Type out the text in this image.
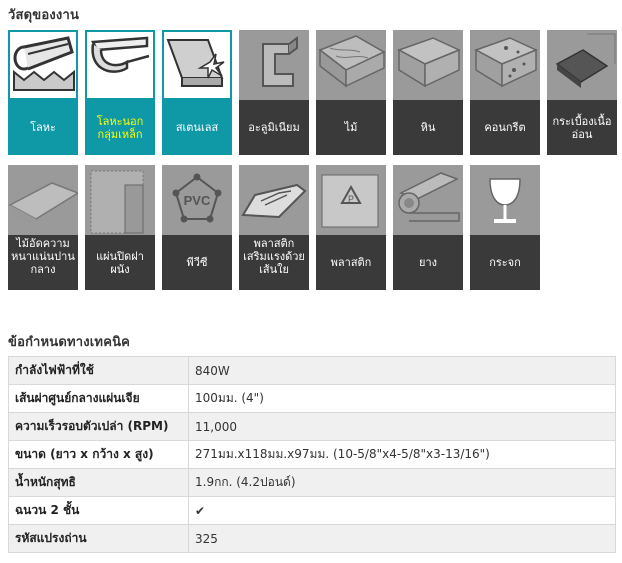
วัสดุของงาน
โลหะ	โลหะนอกกลุ่มเหล็ก	สเตนเลส	อะลูมิเนียม	ไม้	หิน	คอนกรีต	กระเบื้องเนื้ออ่อน
ไม้อัดความหนาแน่นปานกลาง
แผ่นปิดฝาผนัง
PVC
พีวีซี
พลาสติกเสริมแรงด้วยเส้นใย
P
พลาสติก	ยาง	กระจก
ข้อกำหนดทางเทคนิค
กำลังไฟฟ้าที่ใช้	840W
เส้นผ่าศูนย์กลางแผ่นเจีย	100มม. (4")
ความเร็วรอบตัวเปล่า (RPM)	11,000
ขนาด (ยาว x กว้าง x สูง)	271มม.x118มม.x97มม. (10-5/8"x4-5/8"x3-13/16")
น้ำหนักสุทธิ	1.9กก. (4.2ปอนด์)
ฉนวน 2 ชั้น	✔
รหัสแปรงถ่าน	325
